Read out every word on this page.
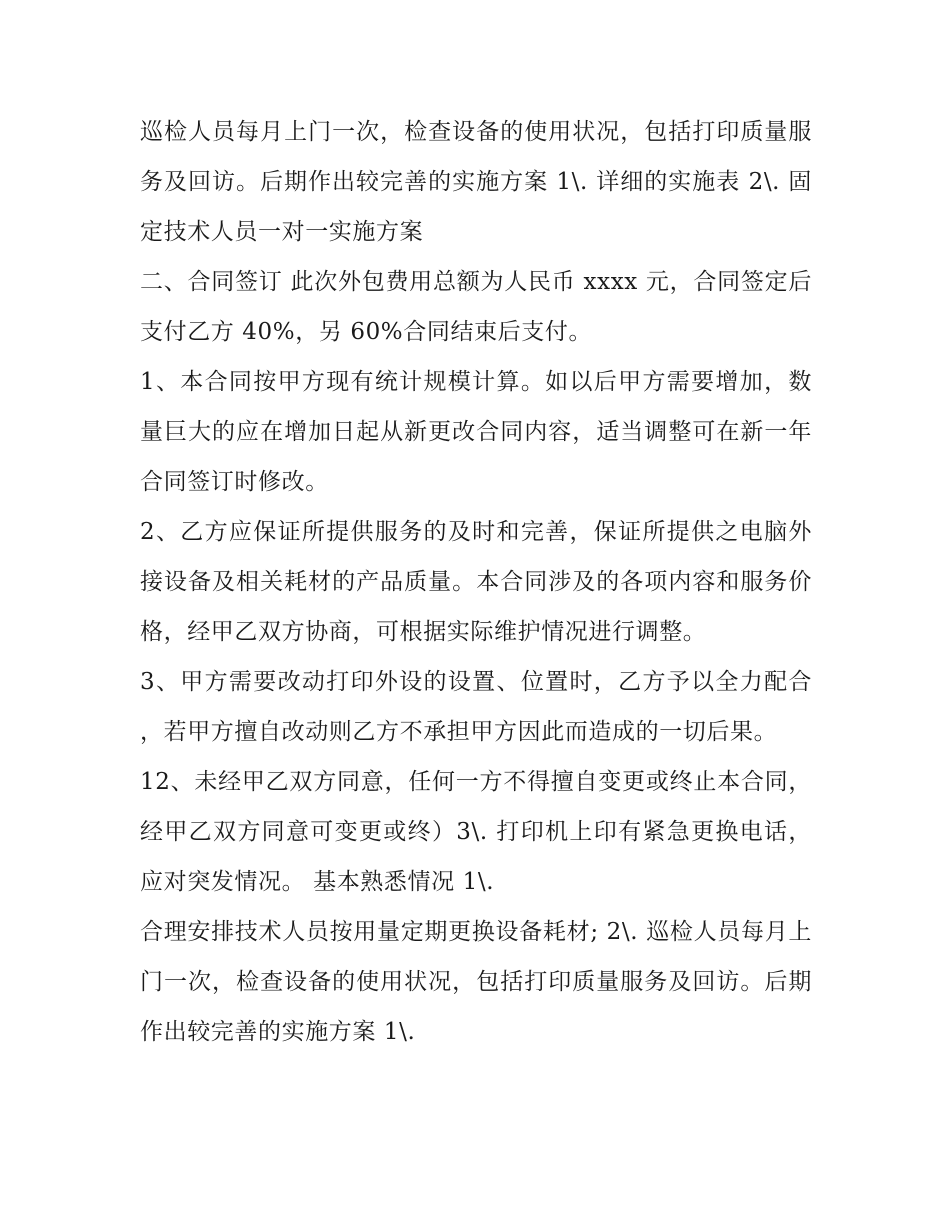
巡检人员每月上门一次，检查设备的使用状况，包括打印质量服务及回访。后期作出较完善的实施方案 1\. 详细的实施表 2\. 固定技术人员一对一实施方案

二、合同签订 此次外包费用总额为人民币 xxxx 元，合同签定后支付乙方 40%，另 60%合同结束后支付。

1、本合同按甲方现有统计规模计算。如以后甲方需要增加，数量巨大的应在增加日起从新更改合同内容，适当调整可在新一年合同签订时修改。

2、乙方应保证所提供服务的及时和完善，保证所提供之电脑外接设备及相关耗材的产品质量。本合同涉及的各项内容和服务价格，经甲乙双方协商，可根据实际维护情况进行调整。

3、甲方需要改动打印外设的设置、位置时，乙方予以全力配合，若甲方擅自改动则乙方不承担甲方因此而造成的一切后果。

12、未经甲乙双方同意，任何一方不得擅自变更或终止本合同，经甲乙双方同意可变更或终）3\. 打印机上印有紧急更换电话，应对突发情况。 基本熟悉情况 1\.

合理安排技术人员按用量定期更换设备耗材; 2\. 巡检人员每月上门一次，检查设备的使用状况，包括打印质量服务及回访。后期作出较完善的实施方案 1\.
